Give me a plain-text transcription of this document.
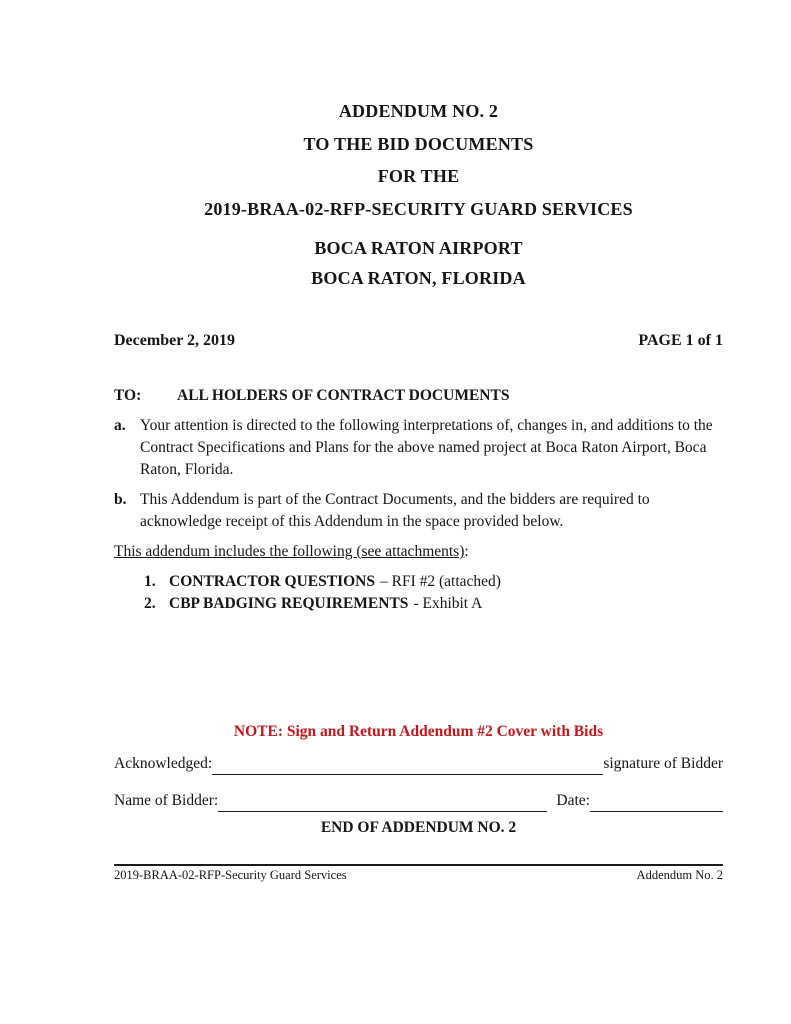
ADDENDUM NO. 2
TO THE BID DOCUMENTS
FOR THE
2019-BRAA-02-RFP-SECURITY GUARD SERVICES
BOCA RATON AIRPORT
BOCA RATON, FLORIDA
December 2, 2019	PAGE 1 of 1
TO:	ALL HOLDERS OF CONTRACT DOCUMENTS
a. Your attention is directed to the following interpretations of, changes in, and additions to the Contract Specifications and Plans for the above named project at Boca Raton Airport, Boca Raton, Florida.
b. This Addendum is part of the Contract Documents, and the bidders are required to acknowledge receipt of this Addendum in the space provided below.
This addendum includes the following (see attachments):
1. CONTRACTOR QUESTIONS – RFI #2 (attached)
2. CBP BADGING REQUIREMENTS - Exhibit A
NOTE: Sign and Return Addendum #2 Cover with Bids
Acknowledged:	signature of Bidder
Name of Bidder:	Date:
END OF ADDENDUM NO. 2
2019-BRAA-02-RFP-Security Guard Services	Addendum No. 2
